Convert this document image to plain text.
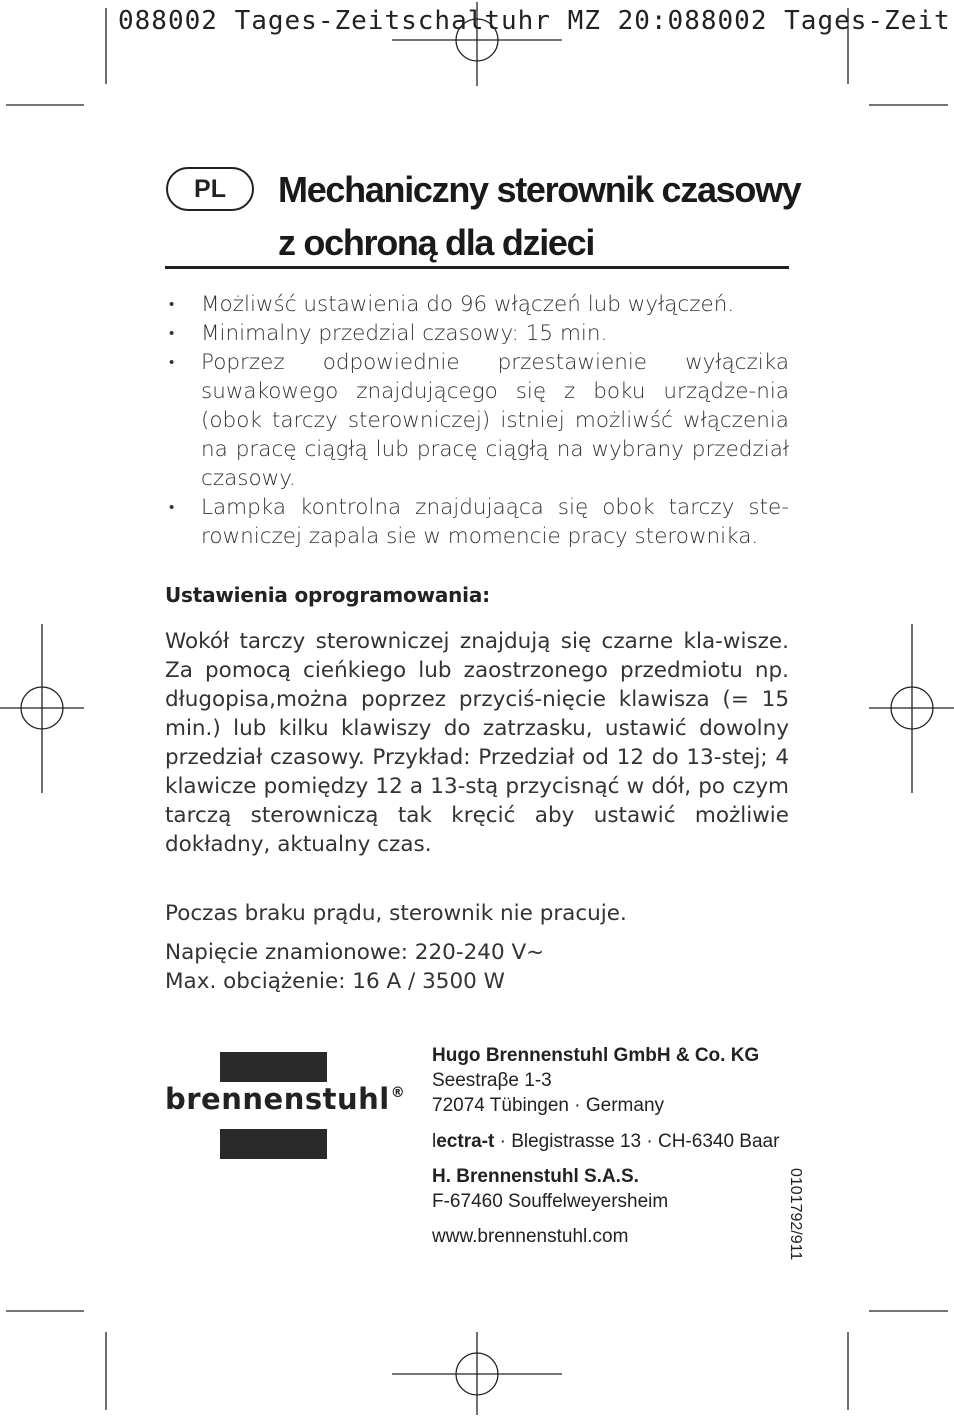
088002 Tages-Zeitschaltuhr MZ 20:088002 Tages-Zeit
PL	Mechaniczny sterownik czasowy
z ochroną dla dzieci
• Możliwść ustawienia do 96 włączeń lub wyłączeń.
• Minimalny przedzial czasowy: 15 min.
• Poprzez odpowiednie przestawienie wyłączika suwakowego znajdującego się z boku urządze-nia (obok tarczy sterowniczej) istniej możliwść włączenia na pracę ciągłą lub pracę ciągłą na wybrany przedział czasowy.
• Lampka kontrolna znajdujaąca się obok tarczy ste-rowniczej zapala sie w momencie pracy sterownika.
Ustawienia oprogramowania:

Wokół tarczy sterowniczej znajdują się czarne kla-wisze. Za pomocą cieńkiego lub zaostrzonego przedmiotu np. długopisa,można poprzez przyciś-nięcie klawisza (= 15 min.) lub kilku klawiszy do zatrzasku, ustawić dowolny przedział czasowy. Przykład: Przedział od 12 do 13-stej; 4 klawicze pomiędzy 12 a 13-stą przycisnąć w dół, po czym tarczą sterowniczą tak kręcić aby ustawić możliwie dokładny, aktualny czas.

Poczas braku prądu, sterownik nie pracuje.

Napięcie znamionowe: 220-240 V~
Max. obciążenie: 16 A / 3500 W

brennenstuhl®

Hugo Brennenstuhl GmbH & Co. KG
Seestraβe 1-3
72074 Tübingen · Germany

lectra-t · Blegistrasse 13 · CH-6340 Baar

H. Brennenstuhl S.A.S.
F-67460 Souffelweyersheim

www.brennenstuhl.com	0101792/911
